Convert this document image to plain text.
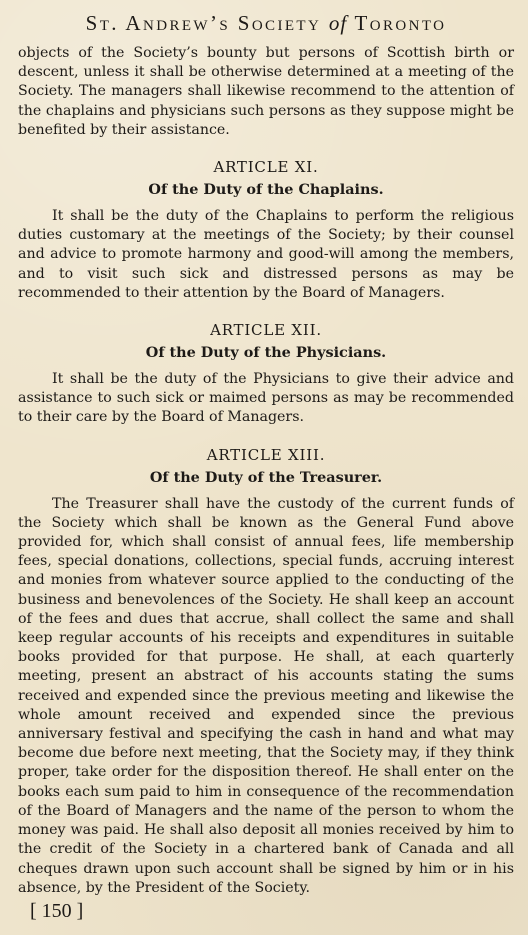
St. Andrew’s Society of Toronto

objects of the Society’s bounty but persons of Scottish birth or descent, unless it shall be otherwise determined at a meeting of the Society. The managers shall likewise recommend to the attention of the chaplains and physicians such persons as they suppose might be benefited by their assistance.

ARTICLE XI.

Of the Duty of the Chaplains.

It shall be the duty of the Chaplains to perform the religious duties customary at the meetings of the Society; by their counsel and advice to promote harmony and good-will among the members, and to visit such sick and distressed persons as may be recommended to their attention by the Board of Managers.

ARTICLE XII.

Of the Duty of the Physicians.

It shall be the duty of the Physicians to give their advice and assistance to such sick or maimed persons as may be recommended to their care by the Board of Managers.

ARTICLE XIII.

Of the Duty of the Treasurer.

The Treasurer shall have the custody of the current funds of the Society which shall be known as the General Fund above provided for, which shall consist of annual fees, life membership fees, special donations, collections, special funds, accruing interest and monies from whatever source applied to the conducting of the business and benevolences of the Society. He shall keep an account of the fees and dues that accrue, shall collect the same and shall keep regular accounts of his receipts and expenditures in suitable books provided for that purpose. He shall, at each quarterly meeting, present an abstract of his accounts stating the sums received and expended since the previous meeting and likewise the whole amount received and expended since the previous anniversary festival and specifying the cash in hand and what may become due before next meeting, that the Society may, if they think proper, take order for the disposition thereof. He shall enter on the books each sum paid to him in consequence of the recommendation of the Board of Managers and the name of the person to whom the money was paid. He shall also deposit all monies received by him to the credit of the Society in a chartered bank of Canada and all cheques drawn upon such account shall be signed by him or in his absence, by the President of the Society.

[ 150 ]
